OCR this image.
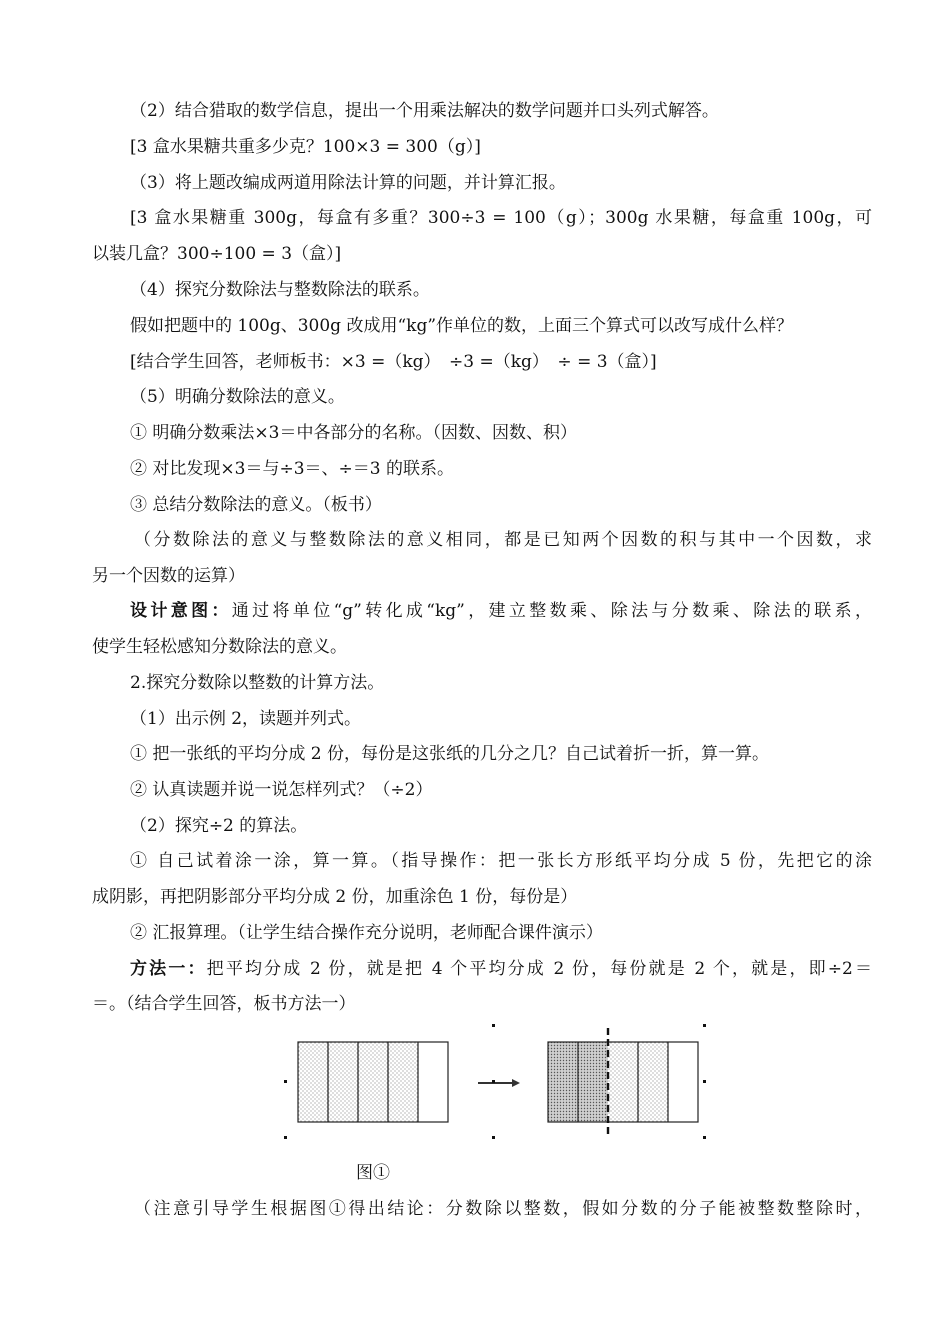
（2）结合猎取的数学信息，提出一个用乘法解决的数学问题并口头列式解答。
[3 盒水果糖共重多少克？100×3 = 300（g）]
（3）将上题改编成两道用除法计算的问题，并计算汇报。
[3 盒水果糖重 300g，每盒有多重？300÷3 = 100（g）；300g 水果糖，每盒重 100g，可
以装几盒？300÷100 = 3（盒）]
（4）探究分数除法与整数除法的联系。
假如把题中的 100g、300g 改成用“kg”作单位的数，上面三个算式可以改写成什么样？
[结合学生回答，老师板书：×3 =（kg）　÷3 =（kg）　÷ = 3（盒）]
（5）明确分数除法的意义。
① 明确分数乘法×3＝中各部分的名称。（因数、因数、积）
② 对比发现×3＝与÷3＝、÷＝3 的联系。
③ 总结分数除法的意义。（板书）
（分数除法的意义与整数除法的意义相同，都是已知两个因数的积与其中一个因数，求
另一个因数的运算）
设计意图：通过将单位“g”转化成“kg”，建立整数乘、除法与分数乘、除法的联系，
使学生轻松感知分数除法的意义。
2.探究分数除以整数的计算方法。
（1）出示例 2，读题并列式。
① 把一张纸的平均分成 2 份，每份是这张纸的几分之几？自己试着折一折，算一算。
② 认真读题并说一说怎样列式？（÷2）
（2）探究÷2 的算法。
① 自己试着涂一涂，算一算。（指导操作：把一张长方形纸平均分成 5 份，先把它的涂
成阴影，再把阴影部分平均分成 2 份，加重涂色 1 份，每份是）
② 汇报算理。（让学生结合操作充分说明，老师配合课件演示）
方法一：把平均分成 2 份，就是把 4 个平均分成 2 份，每份就是 2 个，就是，即÷2＝
＝。（结合学生回答，板书方法一）
图①
（注意引导学生根据图①得出结论：分数除以整数，假如分数的分子能被整数整除时，
